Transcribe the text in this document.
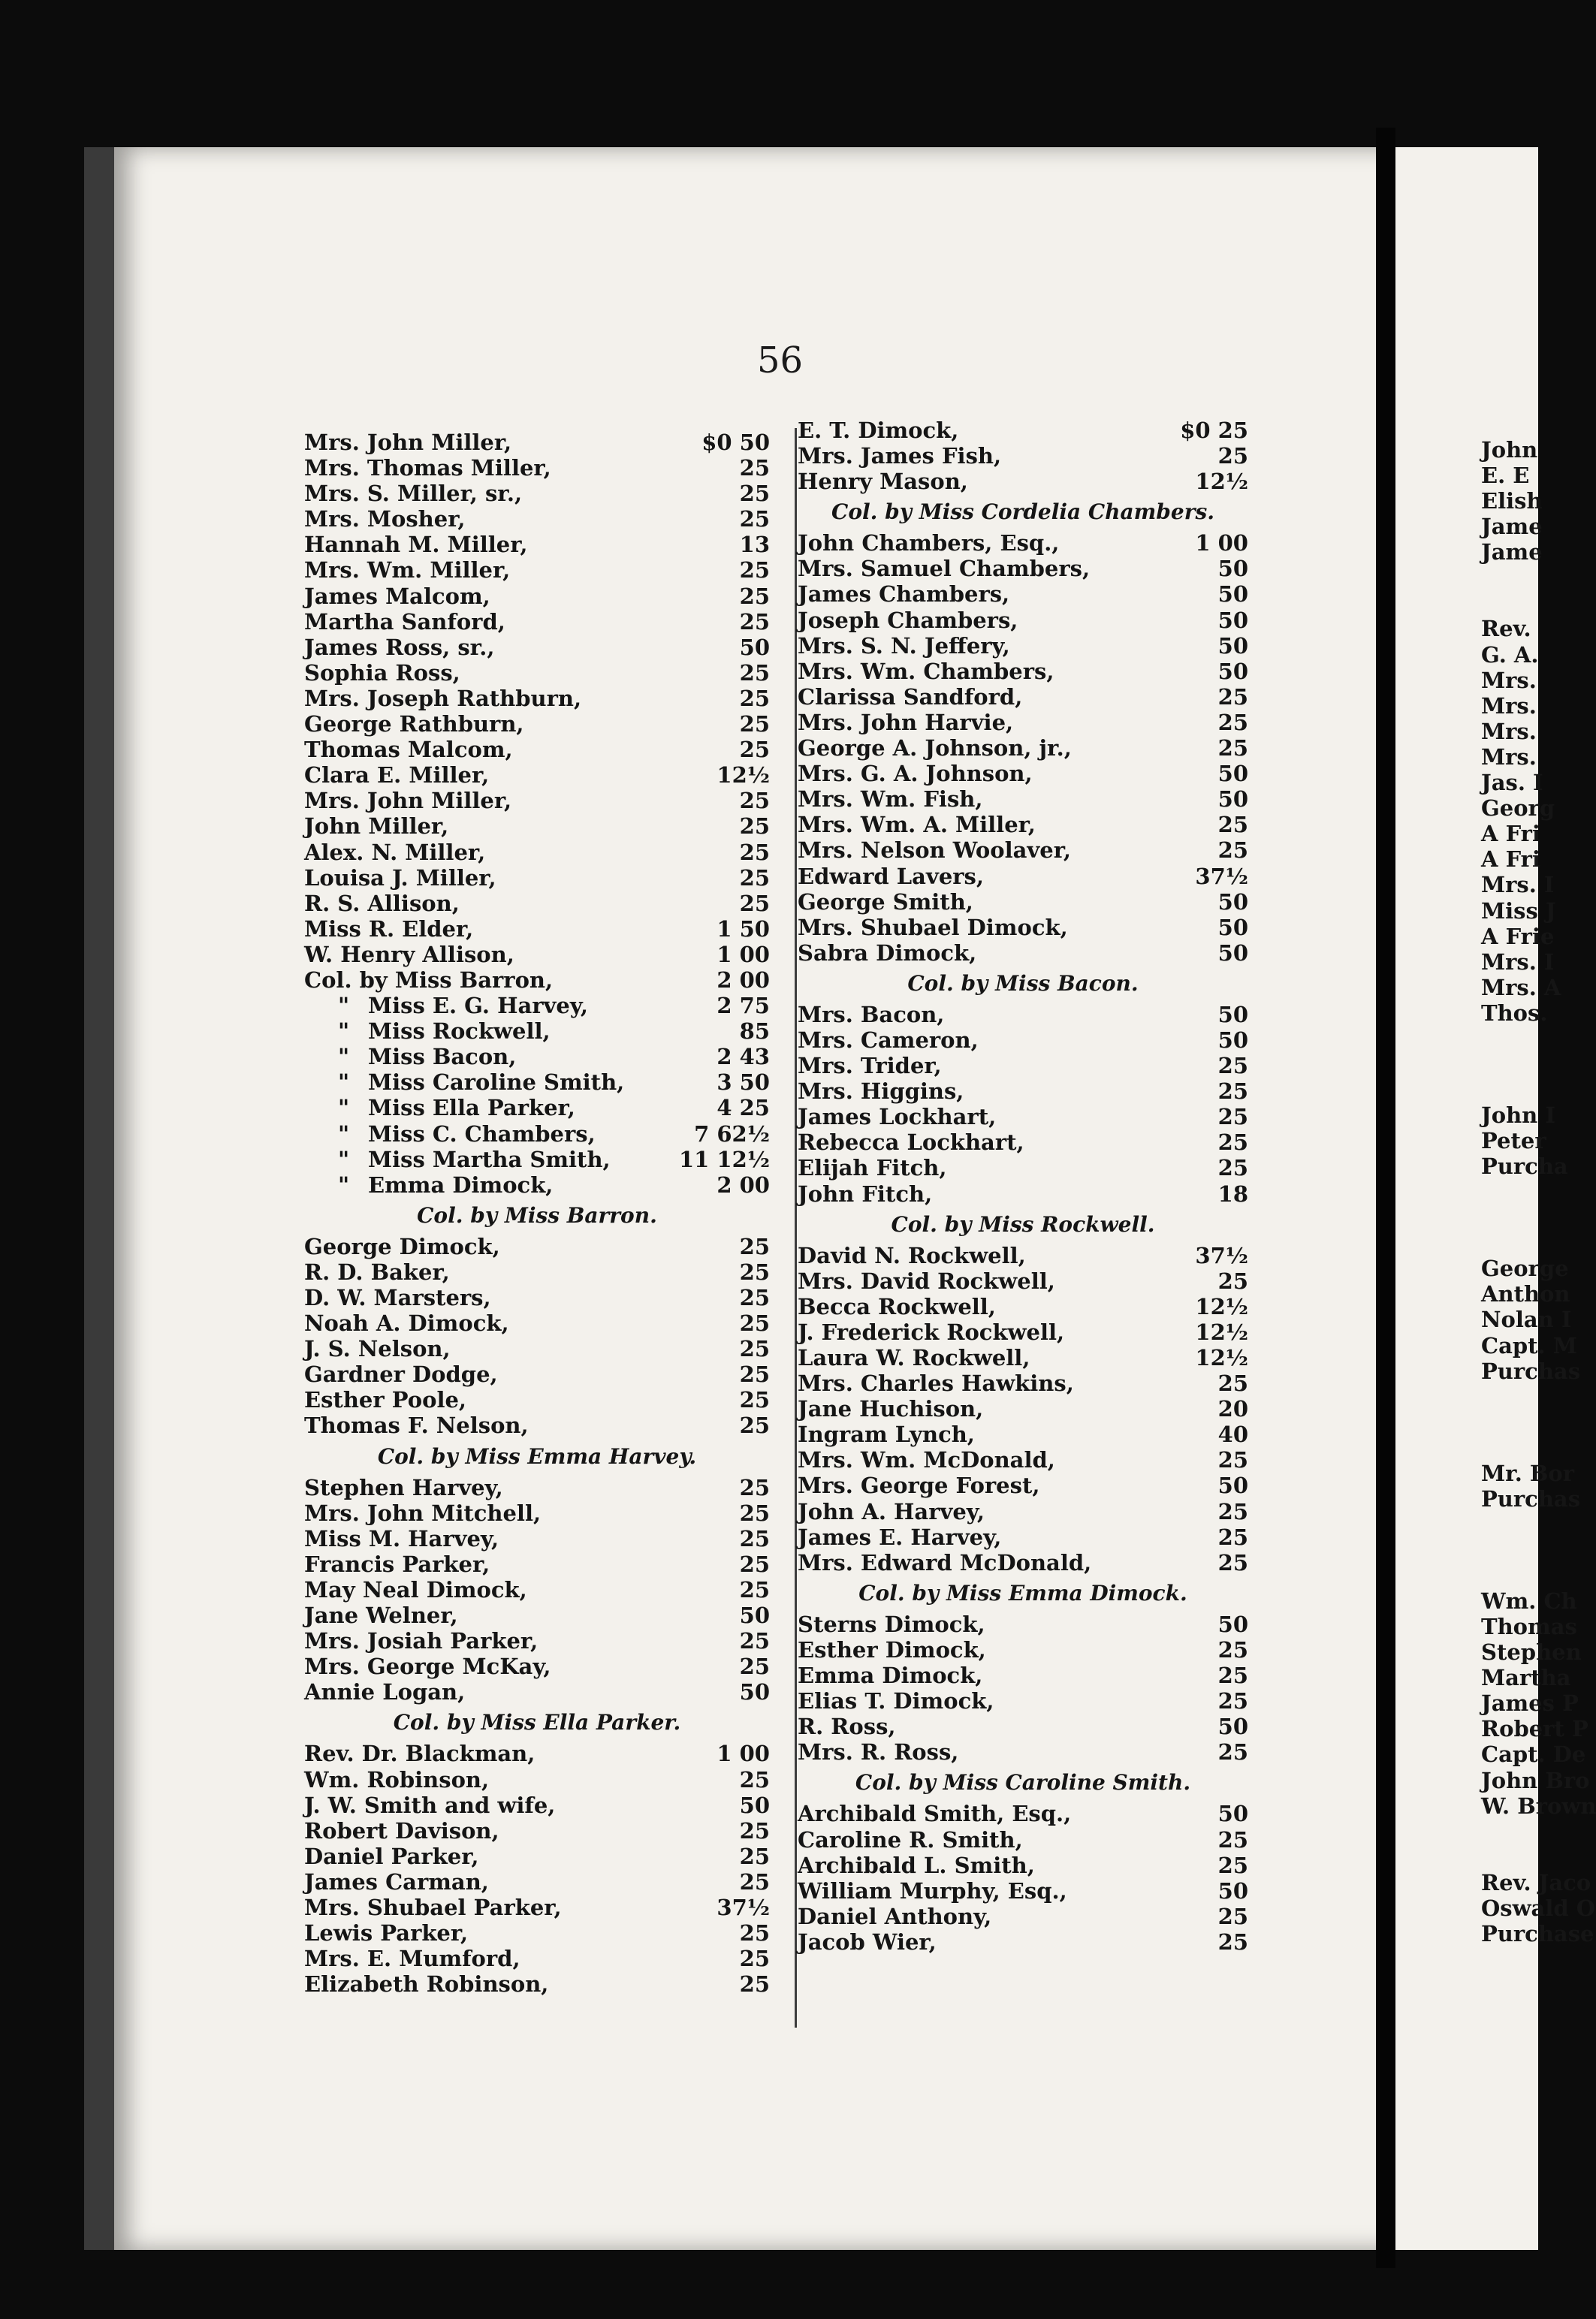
56
Mrs. John Miller,	$0 50
Mrs. Thomas Miller,	25
Mrs. S. Miller, sr.,	25
Mrs. Mosher,	25
Hannah M. Miller,	13
Mrs. Wm. Miller,	25
James Malcom,	25
Martha Sanford,	25
James Ross, sr.,	50
Sophia Ross,	25
Mrs. Joseph Rathburn,	25
George Rathburn,	25
Thomas Malcom,	25
Clara E. Miller,	12½
Mrs. John Miller,	25
John Miller,	25
Alex. N. Miller,	25
Louisa J. Miller,	25
R. S. Allison,	25
Miss R. Elder,	1 50
W. Henry Allison,	1 00
Col. by Miss Barron,	2 00
" Miss E. G. Harvey,	2 75
" Miss Rockwell,	85
" Miss Bacon,	2 43
" Miss Caroline Smith,	3 50
" Miss Ella Parker,	4 25
" Miss C. Chambers,	7 62½
" Miss Martha Smith,	11 12½
" Emma Dimock,	2 00
Col. by Miss Barron.
George Dimock,	25
R. D. Baker,	25
D. W. Marsters,	25
Noah A. Dimock,	25
J. S. Nelson,	25
Gardner Dodge,	25
Esther Poole,	25
Thomas F. Nelson,	25
Col. by Miss Emma Harvey.
Stephen Harvey,	25
Mrs. John Mitchell,	25
Miss M. Harvey,	25
Francis Parker,	25
May Neal Dimock,	25
Jane Welner,	50
Mrs. Josiah Parker,	25
Mrs. George McKay,	25
Annie Logan,	50
Col. by Miss Ella Parker.
Rev. Dr. Blackman,	1 00
Wm. Robinson,	25
J. W. Smith and wife,	50
Robert Davison,	25
Daniel Parker,	25
James Carman,	25
Mrs. Shubael Parker,	37½
Lewis Parker,	25
Mrs. E. Mumford,	25
Elizabeth Robinson,	25
E. T. Dimock,	$0 25
Mrs. James Fish,	25
Henry Mason,	12½
Col. by Miss Cordelia Chambers.
John Chambers, Esq.,	1 00
Mrs. Samuel Chambers,	50
James Chambers,	50
Joseph Chambers,	50
Mrs. S. N. Jeffery,	50
Mrs. Wm. Chambers,	50
Clarissa Sandford,	25
Mrs. John Harvie,	25
George A. Johnson, jr.,	25
Mrs. G. A. Johnson,	50
Mrs. Wm. Fish,	50
Mrs. Wm. A. Miller,	25
Mrs. Nelson Woolaver,	25
Edward Lavers,	37½
George Smith,	50
Mrs. Shubael Dimock,	50
Sabra Dimock,	50
Col. by Miss Bacon.
Mrs. Bacon,	50
Mrs. Cameron,	50
Mrs. Trider,	25
Mrs. Higgins,	25
James Lockhart,	25
Rebecca Lockhart,	25
Elijah Fitch,	25
John Fitch,	18
Col. by Miss Rockwell.
David N. Rockwell,	37½
Mrs. David Rockwell,	25
Becca Rockwell,	12½
J. Frederick Rockwell,	12½
Laura W. Rockwell,	12½
Mrs. Charles Hawkins,	25
Jane Huchison,	20
Ingram Lynch,	40
Mrs. Wm. McDonald,	25
Mrs. George Forest,	50
John A. Harvey,	25
James E. Harvey,	25
Mrs. Edward McDonald,	25
Col. by Miss Emma Dimock.
Sterns Dimock,	50
Esther Dimock,	25
Emma Dimock,	25
Elias T. Dimock,	25
R. Ross,	50
Mrs. R. Ross,	25
Col. by Miss Caroline Smith.
Archibald Smith, Esq.,	50
Caroline R. Smith,	25
Archibald L. Smith,	25
William Murphy, Esq.,	50
Daniel Anthony,	25
Jacob Wier,	25
John
E. E
Elish
Jame
Jame
Rev.
G. A.
Mrs.
Mrs.
Mrs.
Mrs.
Jas. I
Georg
A Fri
A Fri
Mrs. I
Miss J
A Frie
Mrs. I
Mrs. A
Thos.
John I
Peter
Purcha
George
Anthon
Nolan I
Capt. M
Purchas
Mr. Bor
Purchas
Wm. Ch
Thomas
Stephen
Martha
James P
Robert P
Capt. De
John Bro
W. Brown
Rev. Jaco
Oswald O
Purchase
